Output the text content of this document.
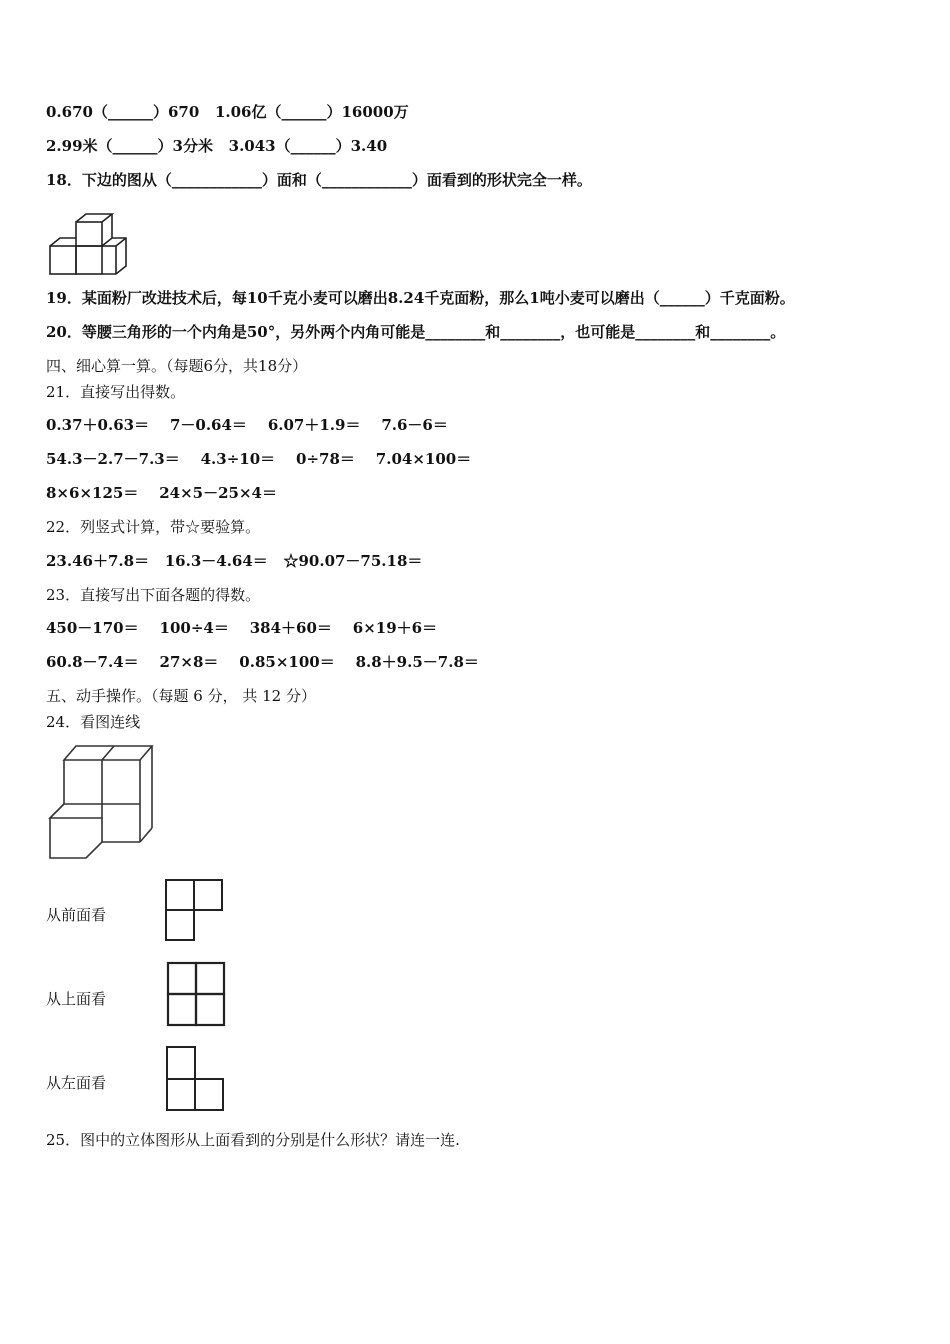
0.670（______）670   1.06亿（______）16000万
2.99米（______）3分米   3.043（______）3.40
18．下边的图从（____________）面和（____________）面看到的形状完全一样。
19．某面粉厂改进技术后，每10千克小麦可以磨出8.24千克面粉，那么1吨小麦可以磨出（______）千克面粉。
20．等腰三角形的一个内角是50°，另外两个内角可能是________和________，也可能是________和________。
四、细心算一算。（每题6分，共18分）
21．直接写出得数。
0.37＋0.63＝    7－0.64＝    6.07＋1.9＝    7.6－6＝
54.3－2.7－7.3＝    4.3÷10＝    0÷78＝    7.04×100＝
8×6×125＝    24×5－25×4＝
22．列竖式计算，带☆要验算。
23.46＋7.8＝   16.3－4.64＝   ☆90.07－75.18＝
23．直接写出下面各题的得数。
450－170＝    100÷4＝    384＋60＝    6×19＋6＝
60.8－7.4＝    27×8＝    0.85×100＝    8.8＋9.5－7.8＝
五、动手操作。（每题 6 分， 共 12 分）
24．看图连线
从前面看
从上面看
从左面看
25．图中的立体图形从上面看到的分别是什么形状？请连一连.
